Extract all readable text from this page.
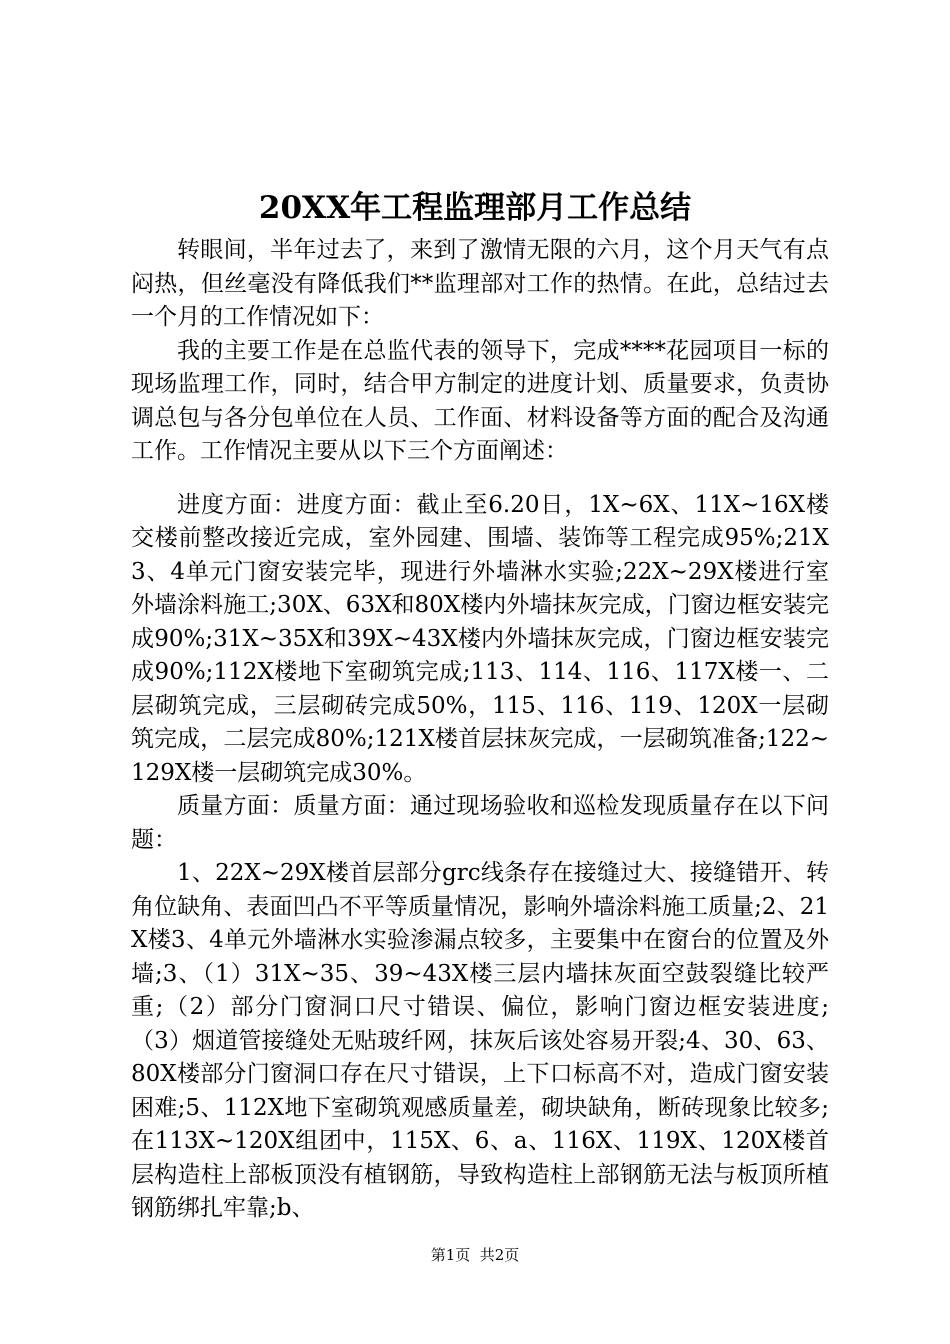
20XX年工程监理部月工作总结

转眼间，半年过去了，来到了激情无限的六月，这个月天气有点闷热，但丝毫没有降低我们**监理部对工作的热情。在此，总结过去一个月的工作情况如下：

我的主要工作是在总监代表的领导下，完成****花园项目一标的现场监理工作，同时，结合甲方制定的进度计划、质量要求，负责协调总包与各分包单位在人员、工作面、材料设备等方面的配合及沟通工作。工作情况主要从以下三个方面阐述：

进度方面：进度方面：截止至6.20日，1X~6X、11X~16X楼交楼前整改接近完成，室外园建、围墙、装饰等工程完成95%;21X3、4单元门窗安装完毕，现进行外墙淋水实验;22X~29X楼进行室外墙涂料施工;30X、63X和80X楼内外墙抹灰完成，门窗边框安装完成90%;31X~35X和39X~43X楼内外墙抹灰完成，门窗边框安装完成90%;112X楼地下室砌筑完成;113、114、116、117X楼一、二层砌筑完成，三层砌砖完成50%，115、116、119、120X一层砌筑完成，二层完成80%;121X楼首层抹灰完成，一层砌筑准备;122~129X楼一层砌筑完成30%。

质量方面：质量方面：通过现场验收和巡检发现质量存在以下问题：

1、22X~29X楼首层部分grc线条存在接缝过大、接缝错开、转角位缺角、表面凹凸不平等质量情况，影响外墙涂料施工质量;2、21X楼3、4单元外墙淋水实验渗漏点较多，主要集中在窗台的位置及外墙;3、（1）31X~35、39~43X楼三层内墙抹灰面空鼓裂缝比较严重;（2）部分门窗洞口尺寸错误、偏位，影响门窗边框安装进度;（3）烟道管接缝处无贴玻纤网，抹灰后该处容易开裂;4、30、63、80X楼部分门窗洞口存在尺寸错误，上下口标高不对，造成门窗安装困难;5、112X地下室砌筑观感质量差，砌块缺角，断砖现象比较多;在113X~120X组团中，115X、6、a、116X、119X、120X楼首层构造柱上部板顶没有植钢筋，导致构造柱上部钢筋无法与板顶所植钢筋绑扎牢靠;b、

第1页  共2页
